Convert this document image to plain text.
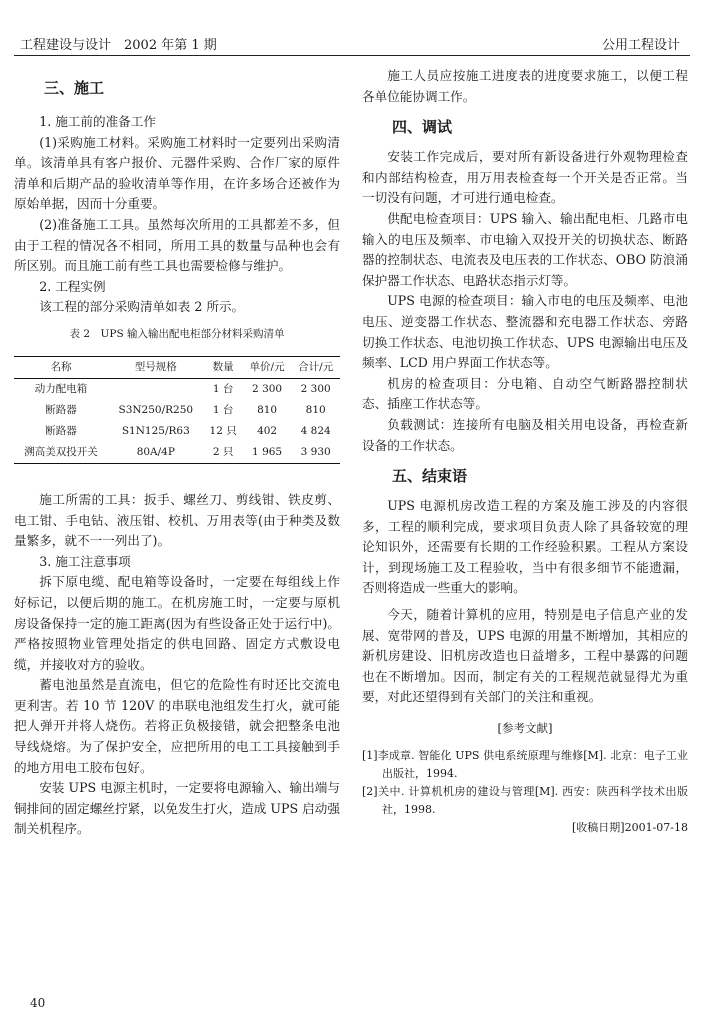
工程建设与设计　2002 年第 1 期	公用工程设计
三、施工

1. 施工前的准备工作

(1)采购施工材料。采购施工材料时一定要列出采购清单。该清单具有客户报价、元器件采购、合作厂家的原件清单和后期产品的验收清单等作用，在许多场合还被作为原始单据，因而十分重要。

(2)准备施工工具。虽然每次所用的工具都差不多，但由于工程的情况各不相同，所用工具的数量与品种也会有所区别。而且施工前有些工具也需要检修与维护。

2. 工程实例

该工程的部分采购清单如表 2 所示。

表 2　UPS 输入输出配电柜部分材料采购清单

名称	型号规格	数量	单价/元	合计/元
动力配电箱		1 台	2 300	2 300
断路器	S3N250/R250	1 台	810	810
断路器	S1N125/R63	12 只	402	4 824
溯高美双投开关	80A/4P	2 只	1 965	3 930

施工所需的工具：扳手、螺丝刀、剪线钳、铁皮剪、电工钳、手电钻、液压钳、校机、万用表等(由于种类及数量繁多，就不一一列出了)。

3. 施工注意事项

拆下原电缆、配电箱等设备时，一定要在每组线上作好标记，以便后期的施工。在机房施工时，一定要与原机房设备保持一定的施工距离(因为有些设备正处于运行中)。严格按照物业管理处指定的供电回路、固定方式敷设电缆，并接收对方的验收。

蓄电池虽然是直流电，但它的危险性有时还比交流电更利害。若 10 节 120V 的串联电池组发生打火，就可能把人弹开并将人烧伤。若将正负极接错，就会把整条电池导线烧熔。为了保护安全，应把所用的电工工具接触到手的地方用电工胶布包好。

安装 UPS 电源主机时，一定要将电源输入、输出端与铜排间的固定螺丝拧紧，以免发生打火，造成 UPS 启动强制关机程序。

施工人员应按施工进度表的进度要求施工，以便工程各单位能协调工作。

四、调试

安装工作完成后，要对所有新设备进行外观物理检查和内部结构检查，用万用表检查每一个开关是否正常。当一切没有问题，才可进行通电检查。

供配电检查项目：UPS 输入、输出配电柜、几路市电输入的电压及频率、市电输入双投开关的切换状态、断路器的控制状态、电流表及电压表的工作状态、OBO 防浪涌保护器工作状态、电路状态指示灯等。

UPS 电源的检查项目：输入市电的电压及频率、电池电压、逆变器工作状态、整流器和充电器工作状态、旁路切换工作状态、电池切换工作状态、UPS 电源输出电压及频率、LCD 用户界面工作状态等。

机房的检查项目：分电箱、自动空气断路器控制状态、插座工作状态等。

负载测试：连接所有电脑及相关用电设备，再检查新设备的工作状态。

五、结束语

UPS 电源机房改造工程的方案及施工涉及的内容很多，工程的顺利完成，要求项目负责人除了具备较宽的理论知识外，还需要有长期的工作经验积累。工程从方案设计，到现场施工及工程验收，当中有很多细节不能遗漏，否则将造成一些重大的影响。

今天，随着计算机的应用，特别是电子信息产业的发展、宽带网的普及，UPS 电源的用量不断增加，其相应的新机房建设、旧机房改造也日益增多，工程中暴露的问题也在不断增加。因而，制定有关的工程规范就显得尤为重要，对此还望得到有关部门的关注和重视。

[参考文献]

[1]李成章. 智能化 UPS 供电系统原理与维修[M]. 北京：电子工业出版社，1994.

[2]关中. 计算机机房的建设与管理[M]. 西安：陕西科学技术出版社，1998.

[收稿日期]2001-07-18
40
